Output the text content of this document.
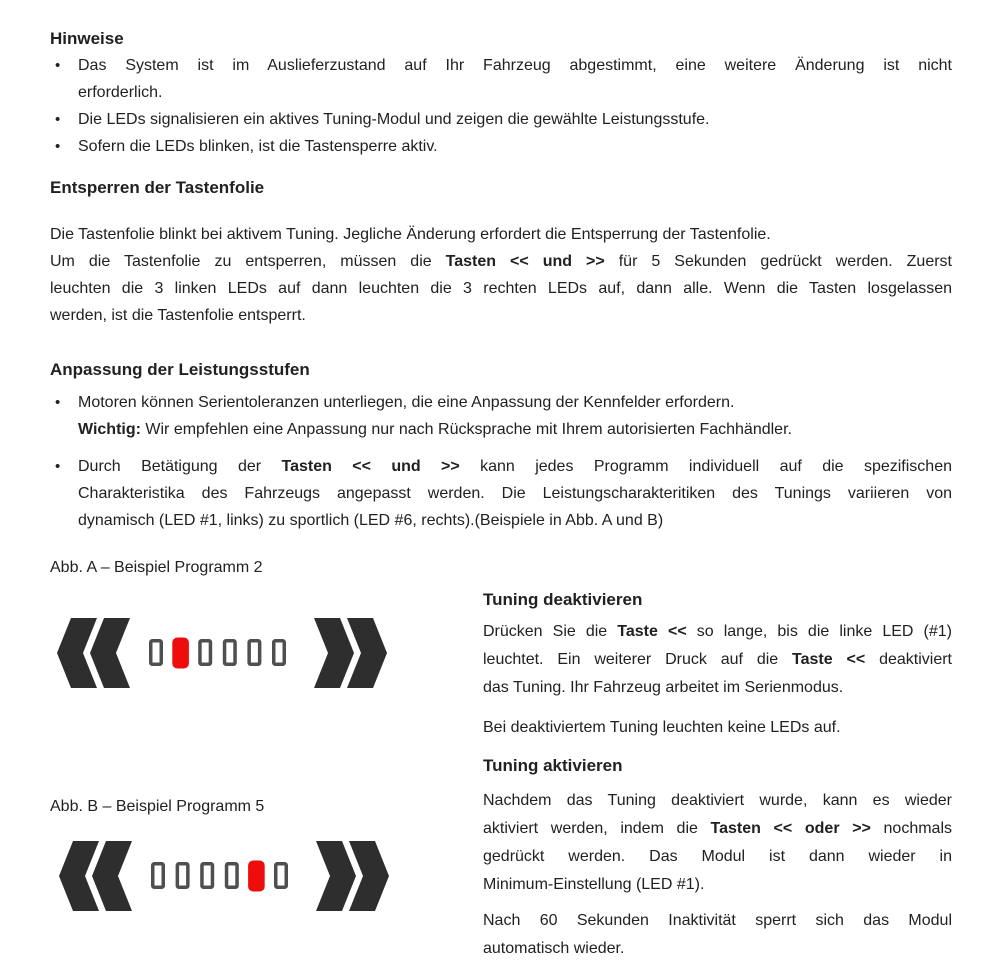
Hinweise
•	Das System ist im Auslieferzustand auf Ihr Fahrzeug abgestimmt, eine weitere Änderung ist nicht
erforderlich.
•	Die LEDs signalisieren ein aktives Tuning-Modul und zeigen die gewählte Leistungsstufe.
•	Sofern die LEDs blinken, ist die Tastensperre aktiv.
Entsperren der Tastenfolie
Die Tastenfolie blinkt bei aktivem Tuning. Jegliche Änderung erfordert die Entsperrung der Tastenfolie.
Um die Tastenfolie zu entsperren, müssen die Tasten << und >> für 5 Sekunden gedrückt werden. Zuerst
leuchten die 3 linken LEDs auf dann leuchten die 3 rechten LEDs auf, dann alle. Wenn die Tasten losgelassen
werden, ist die Tastenfolie entsperrt.
Anpassung der Leistungsstufen
•	Motoren können Serientoleranzen unterliegen, die eine Anpassung der Kennfelder erfordern.
Wichtig: Wir empfehlen eine Anpassung nur nach Rücksprache mit Ihrem autorisierten Fachhändler.
•	Durch Betätigung der Tasten << und >> kann jedes Programm individuell auf die spezifischen
Charakteristika des Fahrzeugs angepasst werden. Die Leistungscharakteritiken des Tunings variieren von
dynamisch (LED #1, links) zu sportlich (LED #6, rechts).(Beispiele in Abb. A und B)
Abb. A – Beispiel Programm 2
Abb. B – Beispiel Programm 5
Tuning deaktivieren
Drücken Sie die Taste << so lange, bis die linke LED (#1)
leuchtet. Ein weiterer Druck auf die Taste << deaktiviert
das Tuning. Ihr Fahrzeug arbeitet im Serienmodus.
Bei deaktiviertem Tuning leuchten keine LEDs auf.
Tuning aktivieren
Nachdem das Tuning deaktiviert wurde, kann es wieder
aktiviert werden, indem die Tasten << oder >> nochmals
gedrückt werden. Das Modul ist dann wieder in
Minimum-Einstellung (LED #1).
Nach 60 Sekunden Inaktivität sperrt sich das Modul
automatisch wieder.
